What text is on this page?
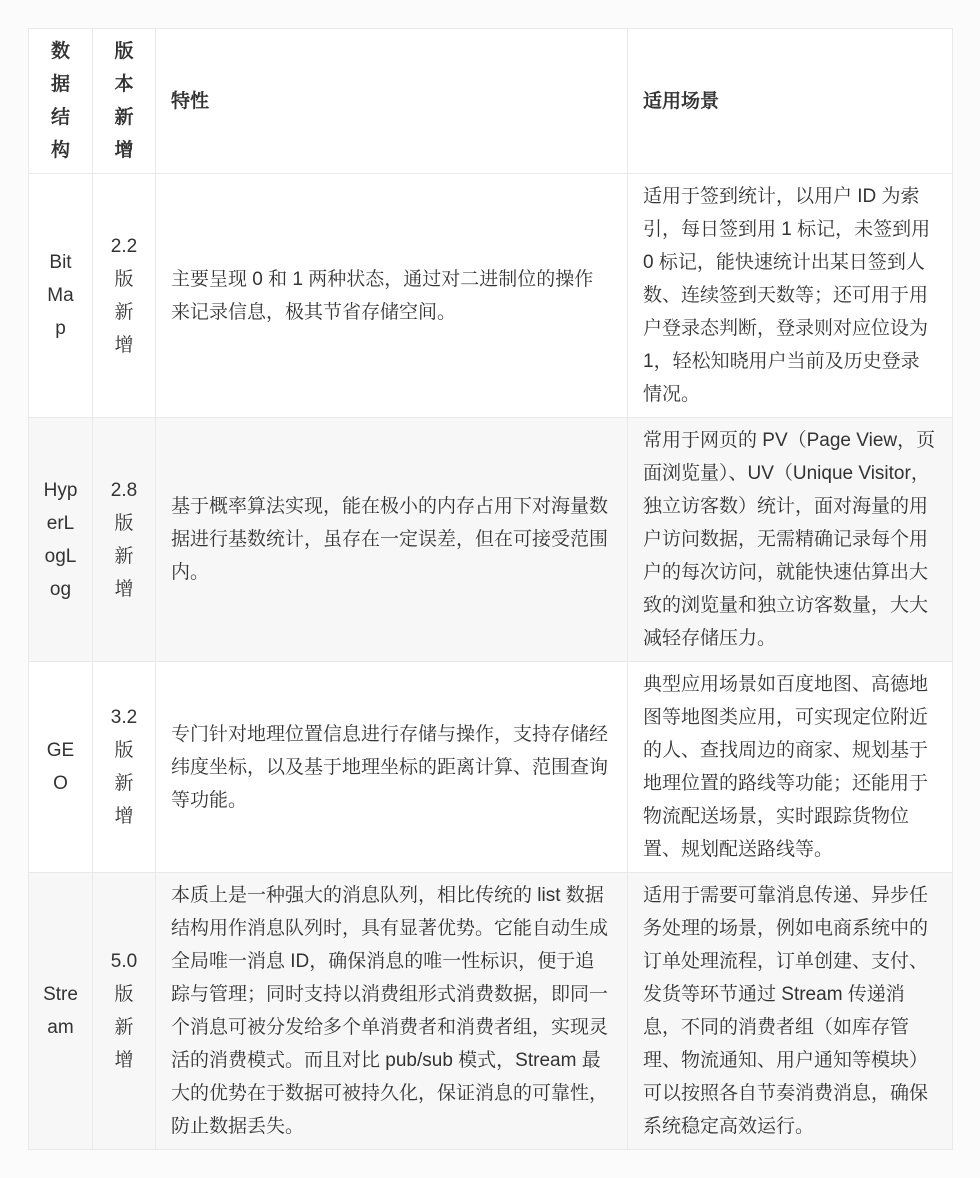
数据结构	版本新增	特性	适用场景
BitMap	2.2 版新增	主要呈现 0 和 1 两种状态，通过对二进制位的操作来记录信息，极其节省存储空间。	适用于签到统计，以用户 ID 为索引，每日签到用 1 标记，未签到用 0 标记，能快速统计出某日签到人数、连续签到天数等；还可用于用户登录态判断，登录则对应位设为 1，轻松知晓用户当前及历史登录情况。
HyperLogLog	2.8 版新增	基于概率算法实现，能在极小的内存占用下对海量数据进行基数统计，虽存在一定误差，但在可接受范围内。	常用于网页的 PV（Page View，页面浏览量）、UV（Unique Visitor，独立访客数）统计，面对海量的用户访问数据，无需精确记录每个用户的每次访问，就能快速估算出大致的浏览量和独立访客数量，大大减轻存储压力。
GEO	3.2 版新增	专门针对地理位置信息进行存储与操作，支持存储经纬度坐标，以及基于地理坐标的距离计算、范围查询等功能。	典型应用场景如百度地图、高德地图等地图类应用，可实现定位附近的人、查找周边的商家、规划基于地理位置的路线等功能；还能用于物流配送场景，实时跟踪货物位置、规划配送路线等。
Stream	5.0 版新增	本质上是一种强大的消息队列，相比传统的 list 数据结构用作消息队列时，具有显著优势。它能自动生成全局唯一消息 ID，确保消息的唯一性标识，便于追踪与管理；同时支持以消费组形式消费数据，即同一个消息可被分发给多个单消费者和消费者组，实现灵活的消费模式。而且对比 pub/sub 模式，Stream 最大的优势在于数据可被持久化，保证消息的可靠性，防止数据丢失。	适用于需要可靠消息传递、异步任务处理的场景，例如电商系统中的订单处理流程，订单创建、支付、发货等环节通过 Stream 传递消息，不同的消费者组（如库存管理、物流通知、用户通知等模块）可以按照各自节奏消费消息，确保系统稳定高效运行。
